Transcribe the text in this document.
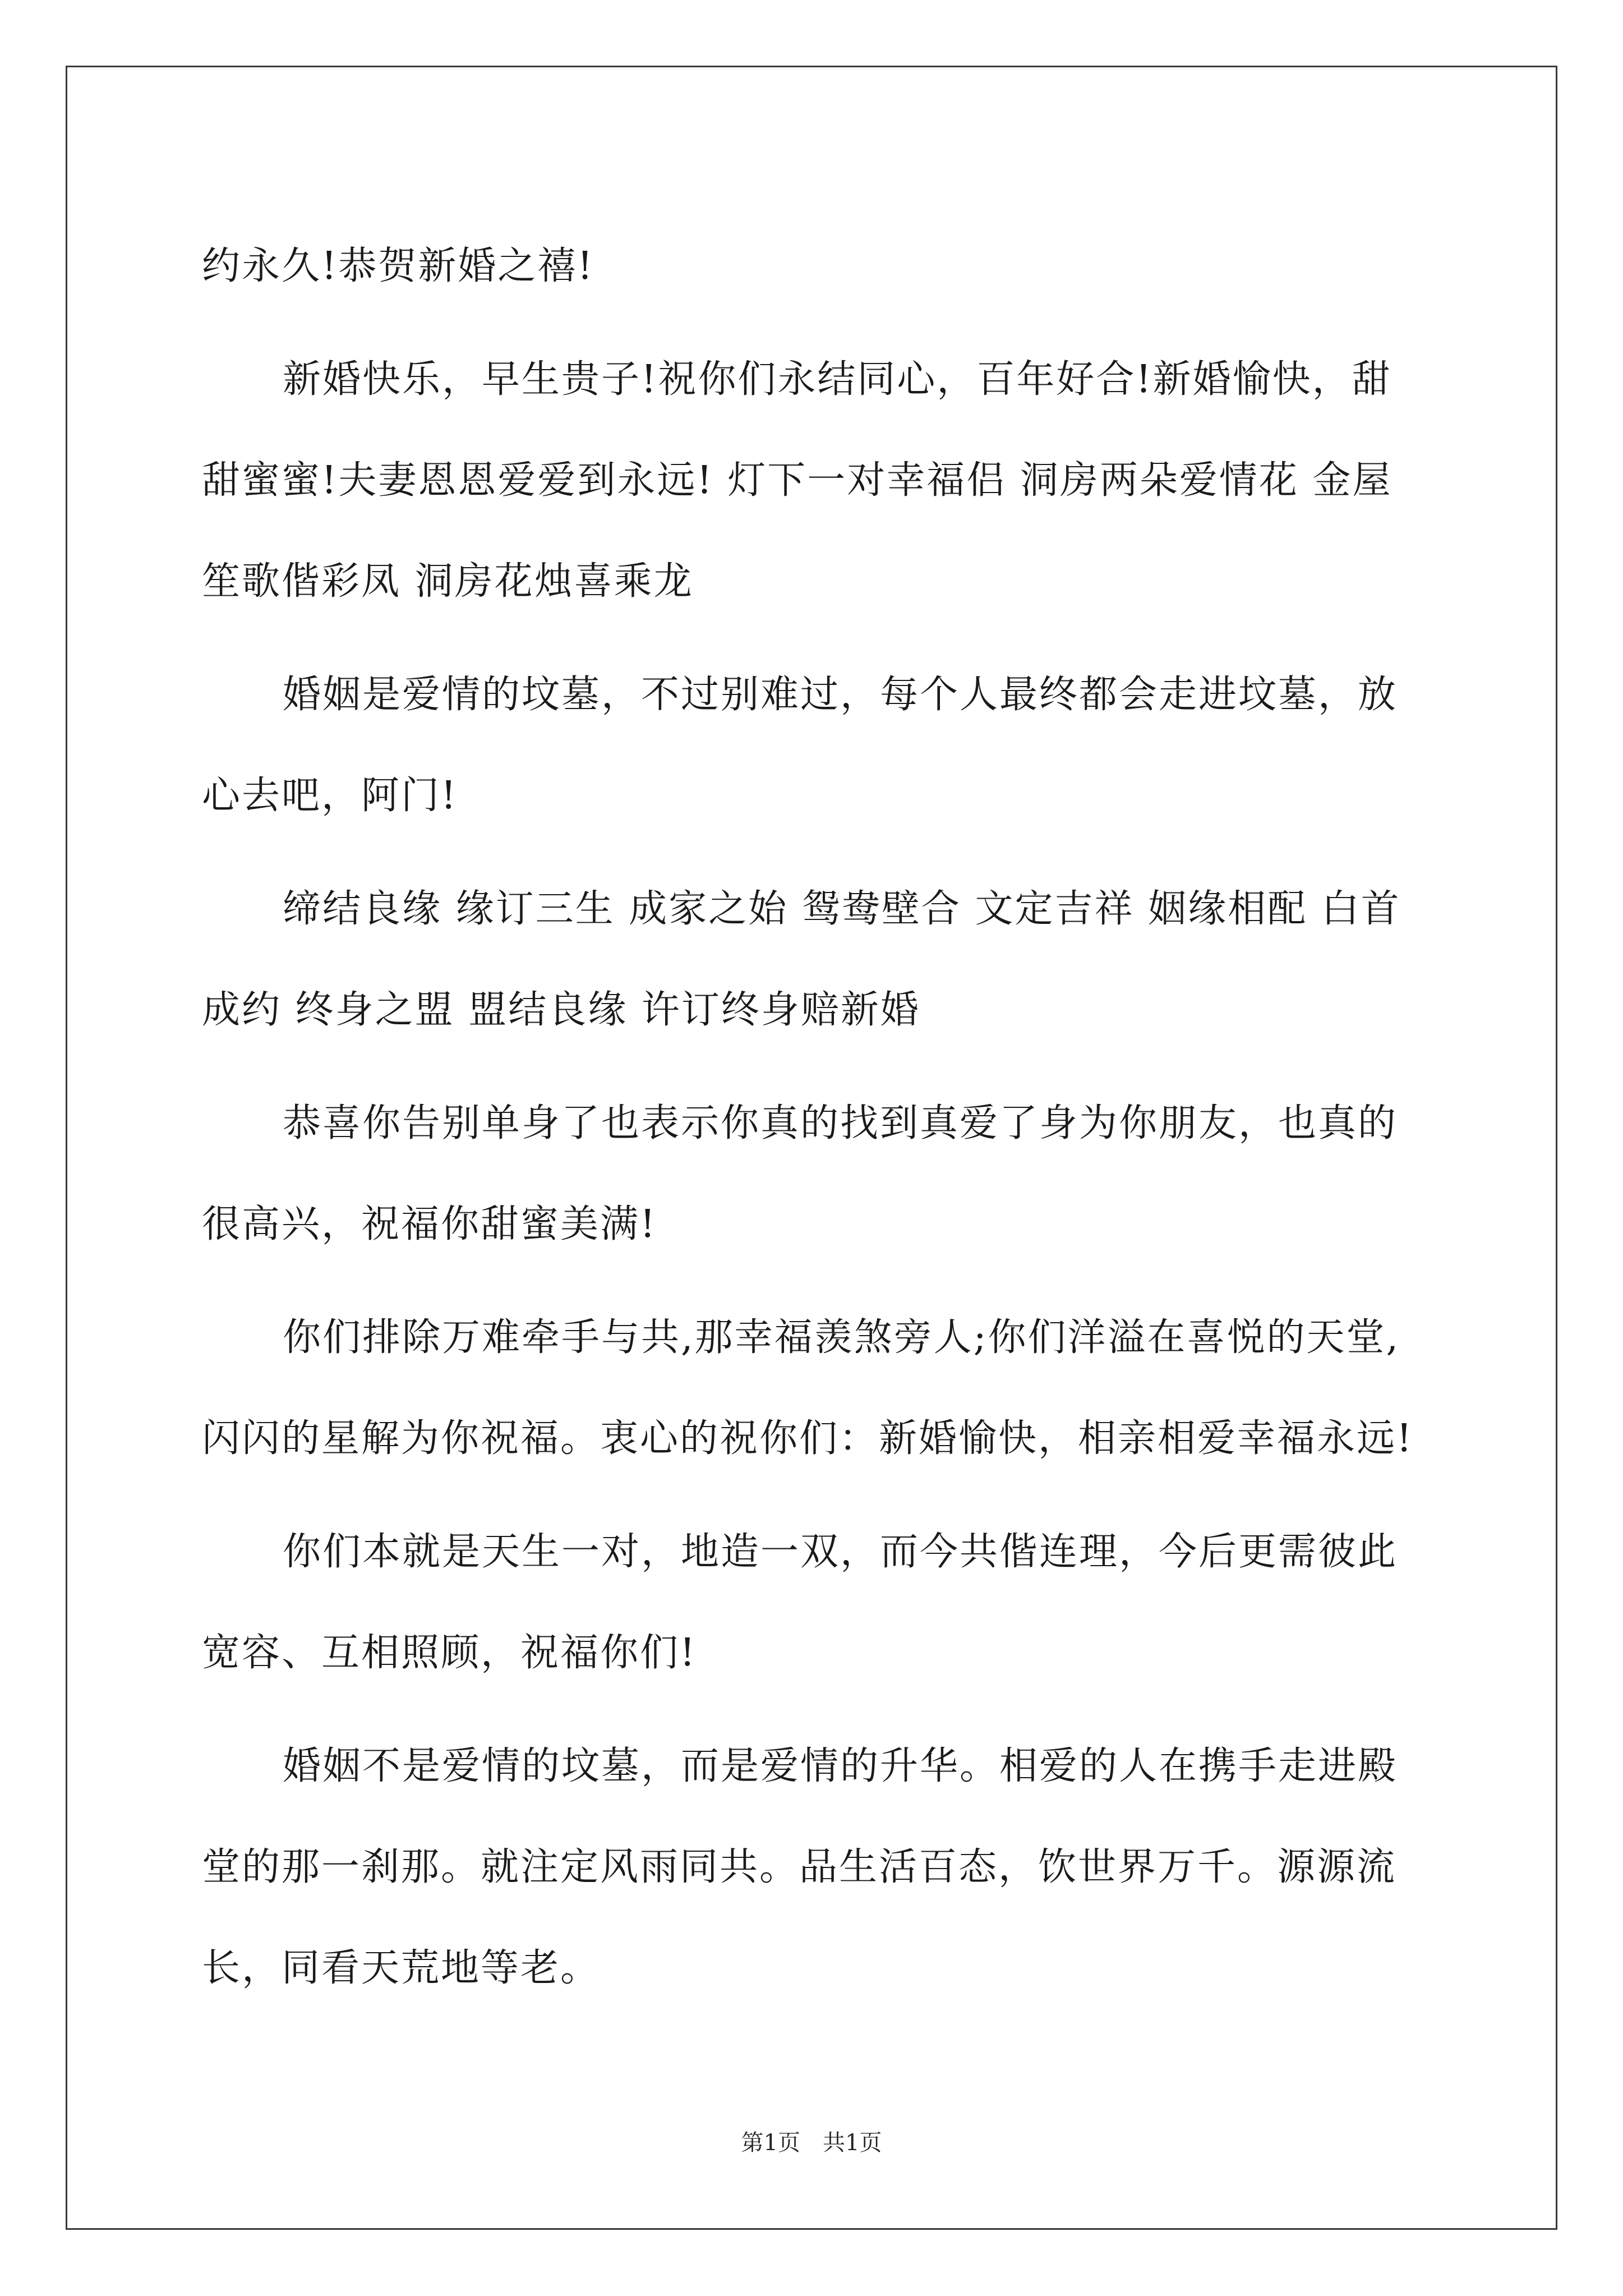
约永久!恭贺新婚之禧!

新婚快乐，早生贵子!祝你们永结同心，百年好合!新婚愉快，甜甜蜜蜜!夫妻恩恩爱爱到永远! 灯下一对幸福侣 洞房两朵爱情花 金屋笙歌偕彩凤 洞房花烛喜乘龙

婚姻是爱情的坟墓，不过别难过，每个人最终都会走进坟墓，放心去吧，阿门!

缔结良缘 缘订三生 成家之始 鸳鸯壁合 文定吉祥 姻缘相配 白首成约 终身之盟 盟结良缘 许订终身赔新婚

恭喜你告别单身了也表示你真的找到真爱了身为你朋友，也真的很高兴，祝福你甜蜜美满!

你们排除万难牵手与共,那幸福羡煞旁人;你们洋溢在喜悦的天堂,闪闪的星解为你祝福。衷心的祝你们：新婚愉快，相亲相爱幸福永远!

你们本就是天生一对，地造一双，而今共偕连理，今后更需彼此宽容、互相照顾，祝福你们!

婚姻不是爱情的坟墓，而是爱情的升华。相爱的人在携手走进殿堂的那一刹那。就注定风雨同共。品生活百态，饮世界万千。源源流长，同看天荒地等老。

第1页 共1页
